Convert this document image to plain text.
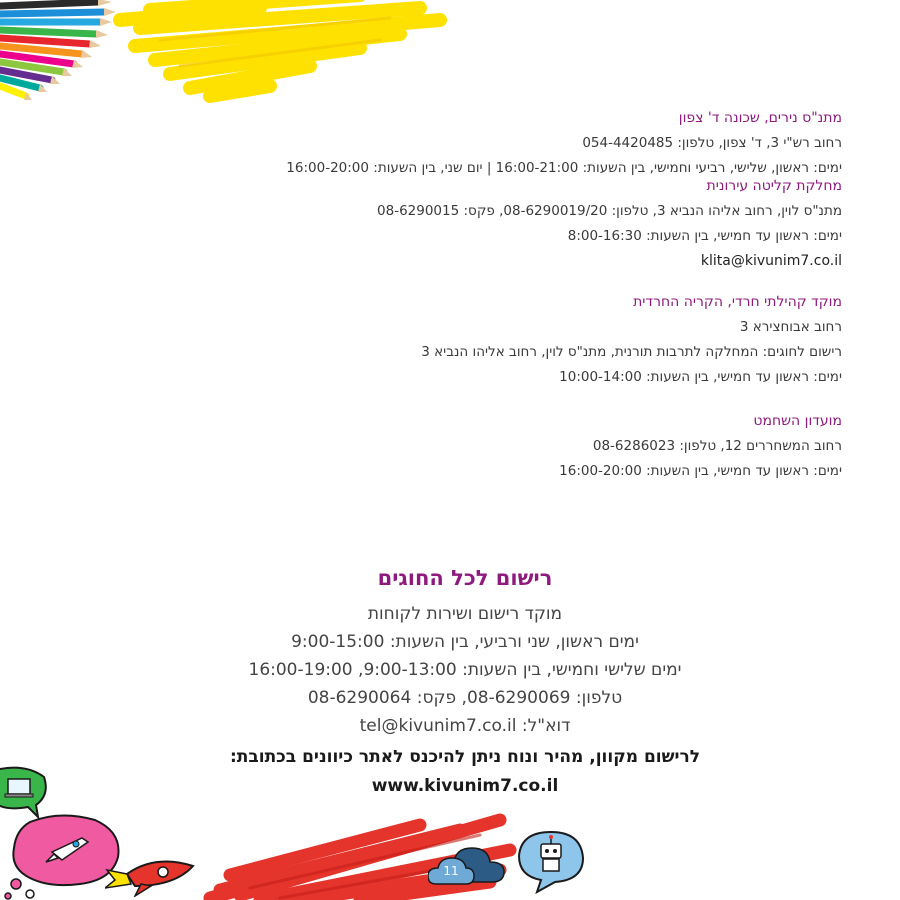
מתנ"ס נירים, שכונה ד' צפון
רחוב רש"י 3, ד' צפון, טלפון: 054-4420485
ימים: ראשון, שלישי, רביעי וחמישי, בין השעות: 16:00-21:00 | יום שני, בין השעות: 16:00-20:00
מחלקת קליטה עירונית
מתנ"ס לוין, רחוב אליהו הנביא 3, טלפון: 08-6290019/20, פקס: 08-6290015
ימים: ראשון עד חמישי, בין השעות: 8:00-16:30
klita@kivunim7.co.il
מוקד קהילתי חרדי, הקריה החרדית
רחוב אבוחצירא 3
רישום לחוגים: המחלקה לתרבות תורנית, מתנ"ס לוין, רחוב אליהו הנביא 3
ימים: ראשון עד חמישי, בין השעות: 10:00-14:00
מועדון השחמט
רחוב המשחררים 12, טלפון: 08-6286023
ימים: ראשון עד חמישי, בין השעות: 16:00-20:00
רישום לכל החוגים
מוקד רישום ושירות לקוחות
ימים ראשון, שני ורביעי, בין השעות: 9:00-15:00
ימים שלישי וחמישי, בין השעות: 9:00-13:00, 16:00-19:00
טלפון: 08-6290069, פקס: 08-6290064
דוא"ל: tel@kivunim7.co.il
לרישום מקוון, מהיר ונוח ניתן להיכנס לאתר כיוונים בכתובת:
www.kivunim7.co.il
11
